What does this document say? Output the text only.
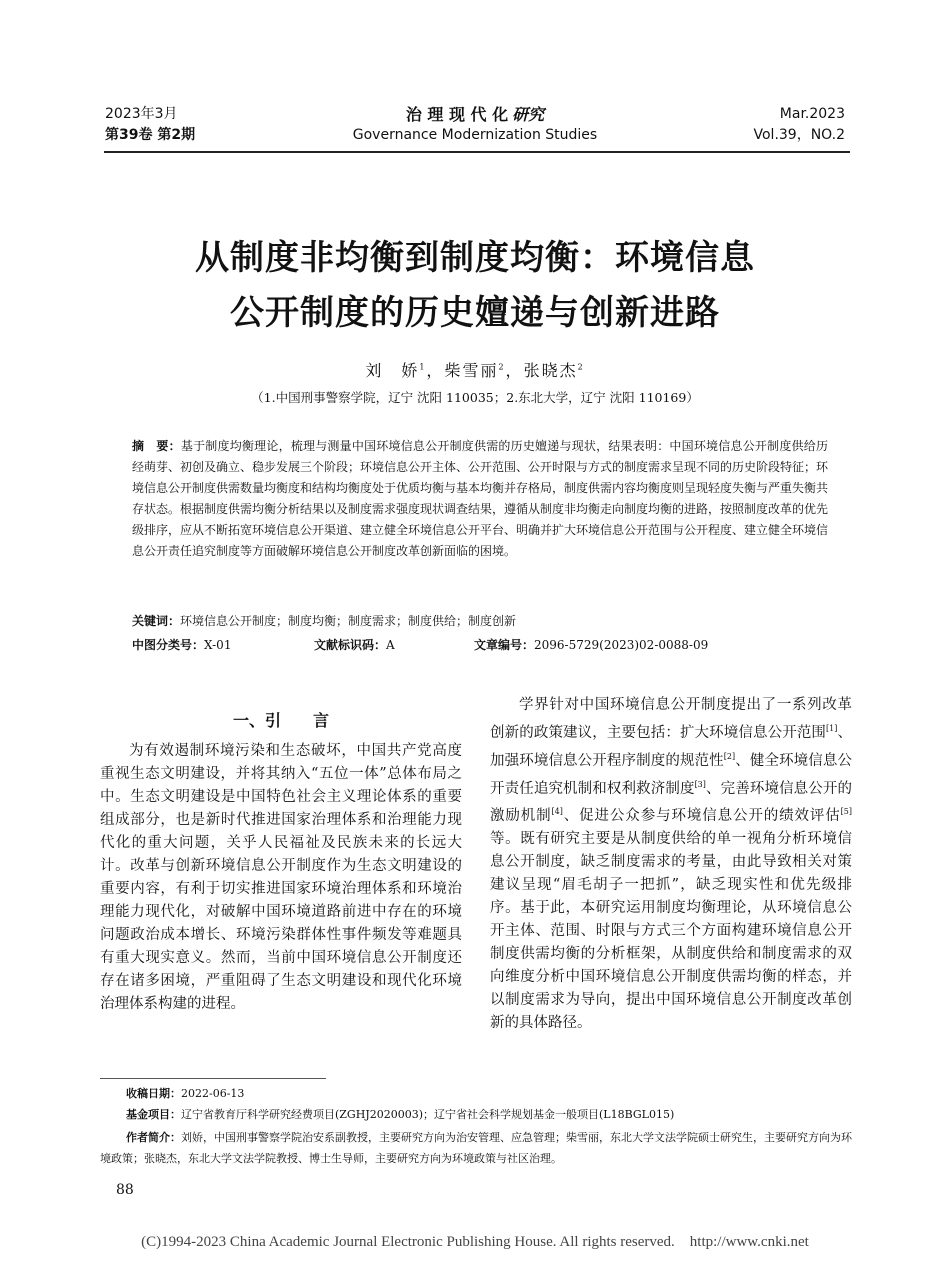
2023年3月
第39卷 第2期
治 理 现 代 化 研究
Governance Modernization Studies
Mar.2023
Vol.39，NO.2
从制度非均衡到制度均衡：环境信息
公开制度的历史嬗递与创新进路
刘　娇$^1$，柴雪丽$^2$，张晓杰$^2$
（1.中国刑事警察学院，辽宁 沈阳 110035；2.东北大学，辽宁 沈阳 110169）
摘　要：基于制度均衡理论，梳理与测量中国环境信息公开制度供需的历史嬗递与现状，结果表明：中国环境信息公开制度供给历经萌芽、初创及确立、稳步发展三个阶段；环境信息公开主体、公开范围、公开时限与方式的制度需求呈现不同的历史阶段特征；环境信息公开制度供需数量均衡度和结构均衡度处于优质均衡与基本均衡并存格局，制度供需内容均衡度则呈现轻度失衡与严重失衡共存状态。根据制度供需均衡分析结果以及制度需求强度现状调查结果，遵循从制度非均衡走向制度均衡的进路，按照制度改革的优先级排序，应从不断拓宽环境信息公开渠道、建立健全环境信息公开平台、明确并扩大环境信息公开范围与公开程度、建立健全环境信息公开责任追究制度等方面破解环境信息公开制度改革创新面临的困境。
关键词：环境信息公开制度；制度均衡；制度需求；制度供给；制度创新
中图分类号：X-01	文献标识码：A	文章编号：2096-5729(2023)02-0088-09
一、引　　言

为有效遏制环境污染和生态破坏，中国共产党高度重视生态文明建设，并将其纳入“五位一体”总体布局之中。生态文明建设是中国特色社会主义理论体系的重要组成部分，也是新时代推进国家治理体系和治理能力现代化的重大问题，关乎人民福祉及民族未来的长远大计。改革与创新环境信息公开制度作为生态文明建设的重要内容，有利于切实推进国家环境治理体系和环境治理能力现代化，对破解中国环境道路前进中存在的环境问题政治成本增长、环境污染群体性事件频发等难题具有重大现实意义。然而，当前中国环境信息公开制度还存在诸多困境，严重阻碍了生态文明建设和现代化环境治理体系构建的进程。

学界针对中国环境信息公开制度提出了一系列改革创新的政策建议，主要包括：扩大环境信息公开范围[1]、加强环境信息公开程序制度的规范性[2]、健全环境信息公开责任追究机制和权利救济制度[3]、完善环境信息公开的激励机制[4]、促进公众参与环境信息公开的绩效评估[5]等。既有研究主要是从制度供给的单一视角分析环境信息公开制度，缺乏制度需求的考量，由此导致相关对策建议呈现“眉毛胡子一把抓”，缺乏现实性和优先级排序。基于此，本研究运用制度均衡理论，从环境信息公开主体、范围、时限与方式三个方面构建环境信息公开制度供需均衡的分析框架，从制度供给和制度需求的双向维度分析中国环境信息公开制度供需均衡的样态，并以制度需求为导向，提出中国环境信息公开制度改革创新的具体路径。

收稿日期：2022-06-13
基金项目：辽宁省教育厅科学研究经费项目(ZGHJ2020003)；辽宁省社会科学规划基金一般项目(L18BGL015)
作者简介：刘娇，中国刑事警察学院治安系副教授，主要研究方向为治安管理、应急管理；柴雪丽，东北大学文法学院硕士研究生，主要研究方向为环境政策；张晓杰，东北大学文法学院教授、博士生导师，主要研究方向为环境政策与社区治理。
88
(C)1994-2023 China Academic Journal Electronic Publishing House. All rights reserved.    http://www.cnki.net
